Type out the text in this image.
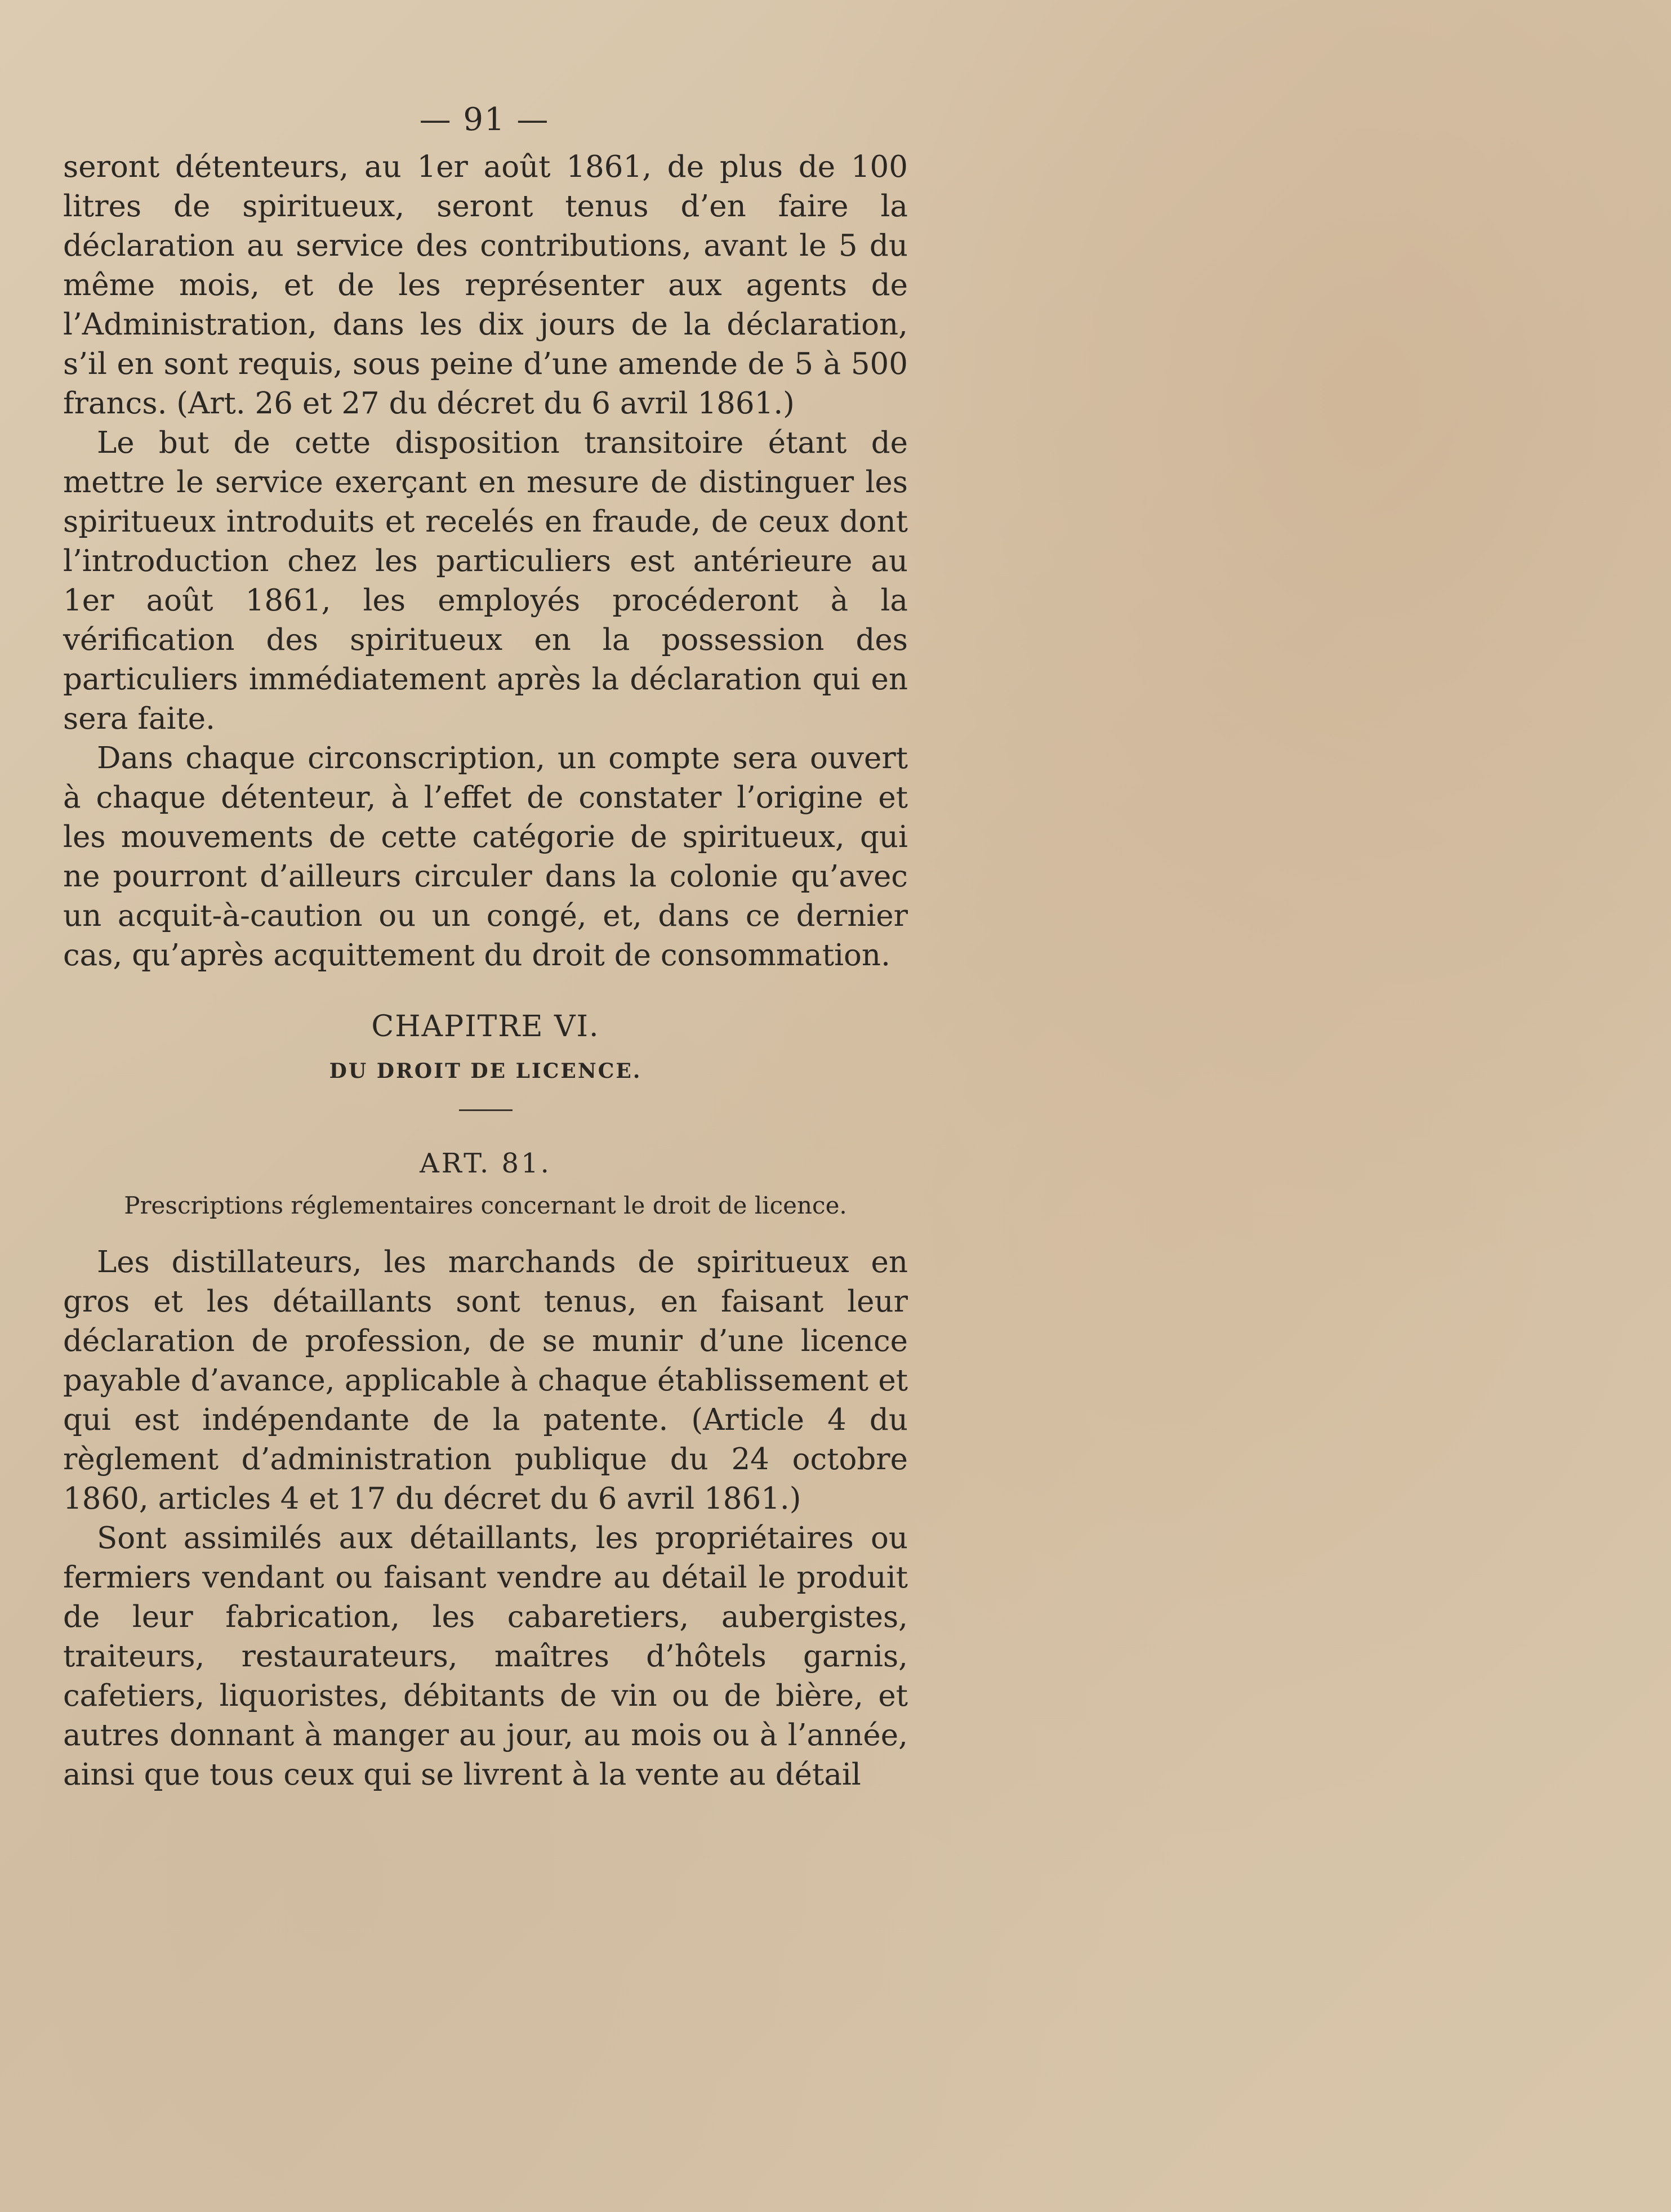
— 91 —

seront détenteurs, au 1er août 1861, de plus de 100 litres de spiritueux, seront tenus d’en faire la déclaration au service des contributions, avant le 5 du même mois, et de les représenter aux agents de l’Administration, dans les dix jours de la déclaration, s’il en sont requis, sous peine d’une amende de 5 à 500 francs. (Art. 26 et 27 du décret du 6 avril 1861.)

Le but de cette disposition transitoire étant de mettre le service exerçant en mesure de distinguer les spiritueux introduits et recelés en fraude, de ceux dont l’introduction chez les particuliers est antérieure au 1er août 1861, les employés procéderont à la vérification des spiritueux en la possession des particuliers immédiatement après la déclaration qui en sera faite.

Dans chaque circonscription, un compte sera ouvert à chaque détenteur, à l’effet de constater l’origine et les mouvements de cette catégorie de spiritueux, qui ne pourront d’ailleurs circuler dans la colonie qu’avec un acquit-à-caution ou un congé, et, dans ce dernier cas, qu’après acquittement du droit de consommation.

CHAPITRE VI.
DU DROIT DE LICENCE.
ART. 81.
Prescriptions réglementaires concernant le droit de licence.

Les distillateurs, les marchands de spiritueux en gros et les détaillants sont tenus, en faisant leur déclaration de profession, de se munir d’une licence payable d’avance, applicable à chaque établissement et qui est indépendante de la patente. (Article 4 du règlement d’administration publique du 24 octobre 1860, articles 4 et 17 du décret du 6 avril 1861.)

Sont assimilés aux détaillants, les propriétaires ou fermiers vendant ou faisant vendre au détail le produit de leur fabrication, les cabaretiers, aubergistes, traiteurs, restaurateurs, maîtres d’hôtels garnis, cafetiers, liquoristes, débitants de vin ou de bière, et autres donnant à manger au jour, au mois ou à l’année, ainsi que tous ceux qui se livrent à la vente au détail
